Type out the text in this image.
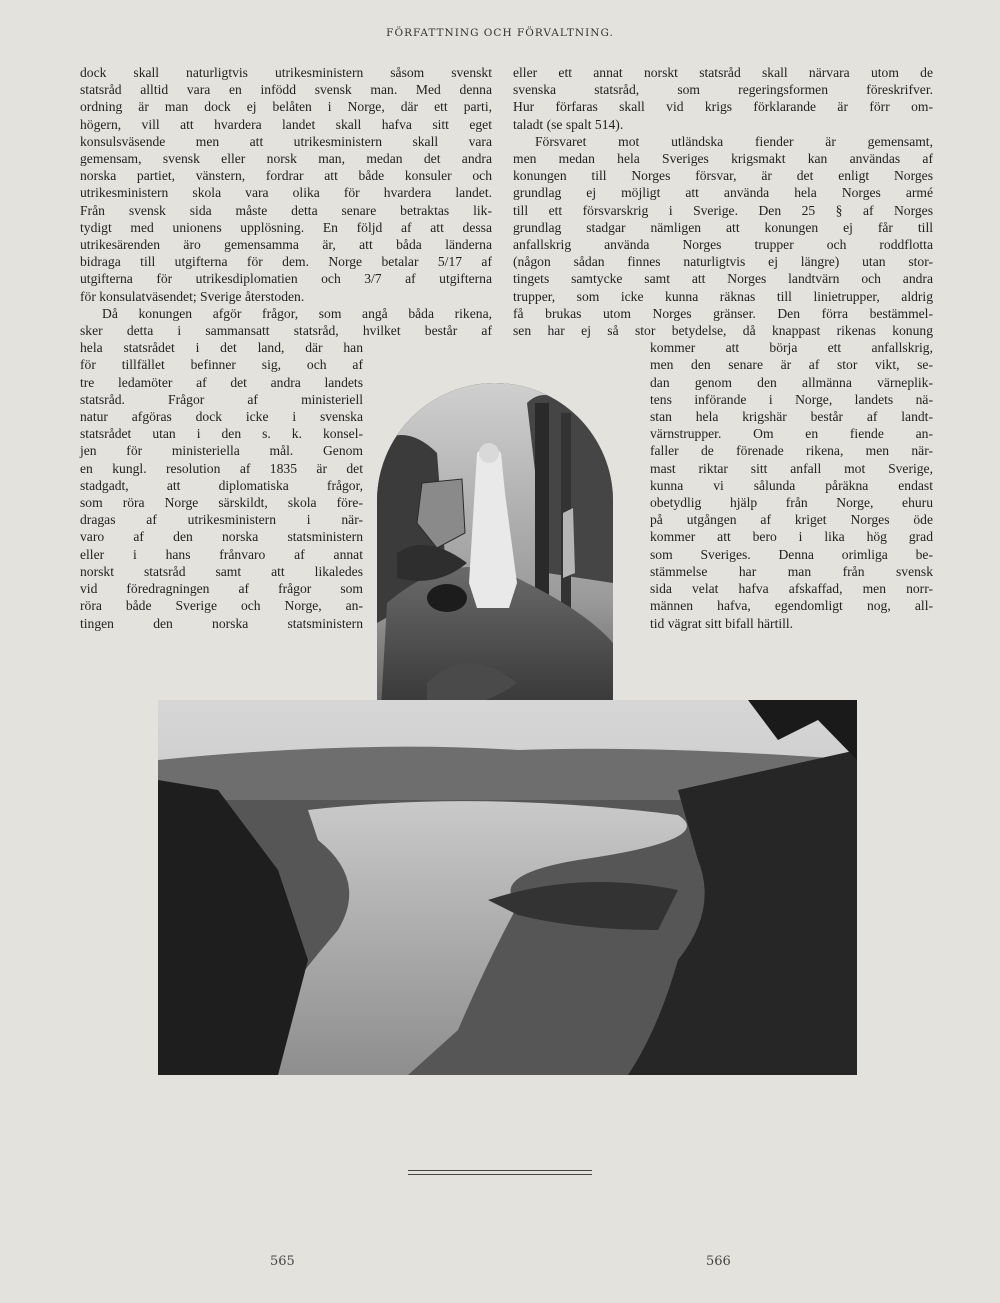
FÖRFATTNING OCH FÖRVALTNING.
dock skall naturligtvis utrikesministern såsom svenskt
statsråd alltid vara en infödd svensk man. Med denna
ordning är man dock ej belåten i Norge, där ett parti,
högern, vill att hvardera landet skall hafva sitt eget
konsulsväsende men att utrikesministern skall vara
gemensam, svensk eller norsk man, medan det andra
norska partiet, vänstern, fordrar att både konsuler och
utrikesministern skola vara olika för hvardera landet.
Från svensk sida måste detta senare betraktas lik-
tydigt med unionens upplösning. En följd af att dessa
utrikesärenden äro gemensamma är, att båda länderna
bidraga till utgifterna för dem. Norge betalar 5/17 af
utgifterna för utrikesdiplomatien och 3/7 af utgifterna
för konsulatväsendet; Sverige återstoden.
Då konungen afgör frågor, som angå båda rikena,
sker detta i sammansatt statsråd, hvilket består af
hela statsrådet i det land, där han
för tillfället befinner sig, och af
tre ledamöter af det andra landets
statsråd. Frågor af ministeriell
natur afgöras dock icke i svenska
statsrådet utan i den s. k. konsel-
jen för ministeriella mål. Genom
en kungl. resolution af 1835 är det
stadgadt, att diplomatiska frågor,
som röra Norge särskildt, skola före-
dragas af utrikesministern i när-
varo af den norska statsministern
eller i hans frånvaro af annat
norskt statsråd samt att likaledes
vid föredragningen af frågor som
röra både Sverige och Norge, an-
tingen den norska statsministern
eller ett annat norskt statsråd skall närvara utom de
svenska statsråd, som regeringsformen föreskrifver.
Hur förfaras skall vid krigs förklarande är förr om-
taladt (se spalt 514).
Försvaret mot utländska fiender är gemensamt,
men medan hela Sveriges krigsmakt kan användas af
konungen till Norges försvar, är det enligt Norges
grundlag ej möjligt att använda hela Norges armé
till ett försvarskrig i Sverige. Den 25 § af Norges
grundlag stadgar nämligen att konungen ej får till
anfallskrig använda Norges trupper och roddflotta
(någon sådan finnes naturligtvis ej längre) utan stor-
tingets samtycke samt att Norges landtvärn och andra
trupper, som icke kunna räknas till linietrupper, aldrig
få brukas utom Norges gränser. Den förra bestämmel-
sen har ej så stor betydelse, då knappast rikenas konung
kommer att börja ett anfallskrig,
men den senare är af stor vikt, se-
dan genom den allmänna värneplik-
tens införande i Norge, landets nä-
stan hela krigshär består af landt-
värnstrupper. Om en fiende an-
faller de förenade rikena, men när-
mast riktar sitt anfall mot Sverige,
kunna vi sålunda påräkna endast
obetydlig hjälp från Norge, ehuru
på utgången af kriget Norges öde
kommer att bero i lika hög grad
som Sveriges. Denna orimliga be-
stämmelse har man från svensk
sida velat hafva afskaffad, men norr-
männen hafva, egendomligt nog, all-
tid vägrat sitt bifall härtill.
565	566
